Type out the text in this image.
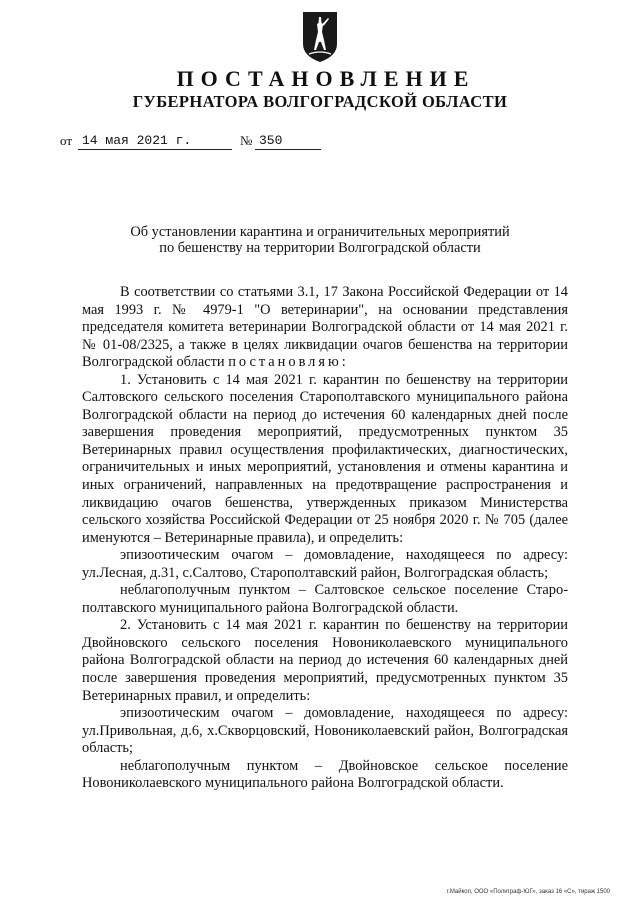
ПОСТАНОВЛЕНИЕ
ГУБЕРНАТОРА ВОЛГОГРАДСКОЙ ОБЛАСТИ
от 14 мая 2021 г.	№ 350
Об установлении карантина и ограничительных мероприятий
по бешенству на территории Волгоградской области

В соответствии со статьями 3.1, 17 Закона Российской Федерации от 14 мая 1993 г. № 4979-1 "О ветеринарии", на основании представления председателя комитета ветеринарии Волгоградской области от 14 мая 2021 г. № 01-08/2325, а также в целях ликвидации очагов бешенства на территории Волгоградской области постановляю:

1. Установить с 14 мая 2021 г. карантин по бешенству на территории Салтовского сельского поселения Старополтавского муниципального района Волгоградской области на период до истечения 60 календарных дней после завершения проведения мероприятий, предусмотренных пунктом 35 Ветеринарных правил осуществления профилактических, диагностических, ограничительных и иных мероприятий, установления и отмены карантина и иных ограничений, направленных на предотвращение распространения и ликвидацию очагов бешенства, утвержденных приказом Министерства сельского хозяйства Российской Федерации от 25 ноября 2020 г. № 705 (далее именуются – Ветеринарные правила), и определить:

эпизоотическим очагом – домовладение, находящееся по адресу: ул.Лесная, д.31, с.Салтово, Старополтавский район, Волгоградская область;

неблагополучным пунктом – Салтовское сельское поселение Старополтавского муниципального района Волгоградской области.

2. Установить с 14 мая 2021 г. карантин по бешенству на территории Двойновского сельского поселения Новониколаевского муниципального района Волгоградской области на период до истечения 60 календарных дней после завершения проведения мероприятий, предусмотренных пунктом 35 Ветеринарных правил, и определить:

эпизоотическим очагом – домовладение, находящееся по адресу: ул.Привольная, д.6, х.Скворцовский, Новониколаевский район, Волгоградская область;

неблагополучным пунктом – Двойновское сельское поселение Новониколаевского муниципального района Волгоградской области.

г.Майкоп, ООО «Полиграф-ЮГ», заказ 16 «С», тираж 1500
